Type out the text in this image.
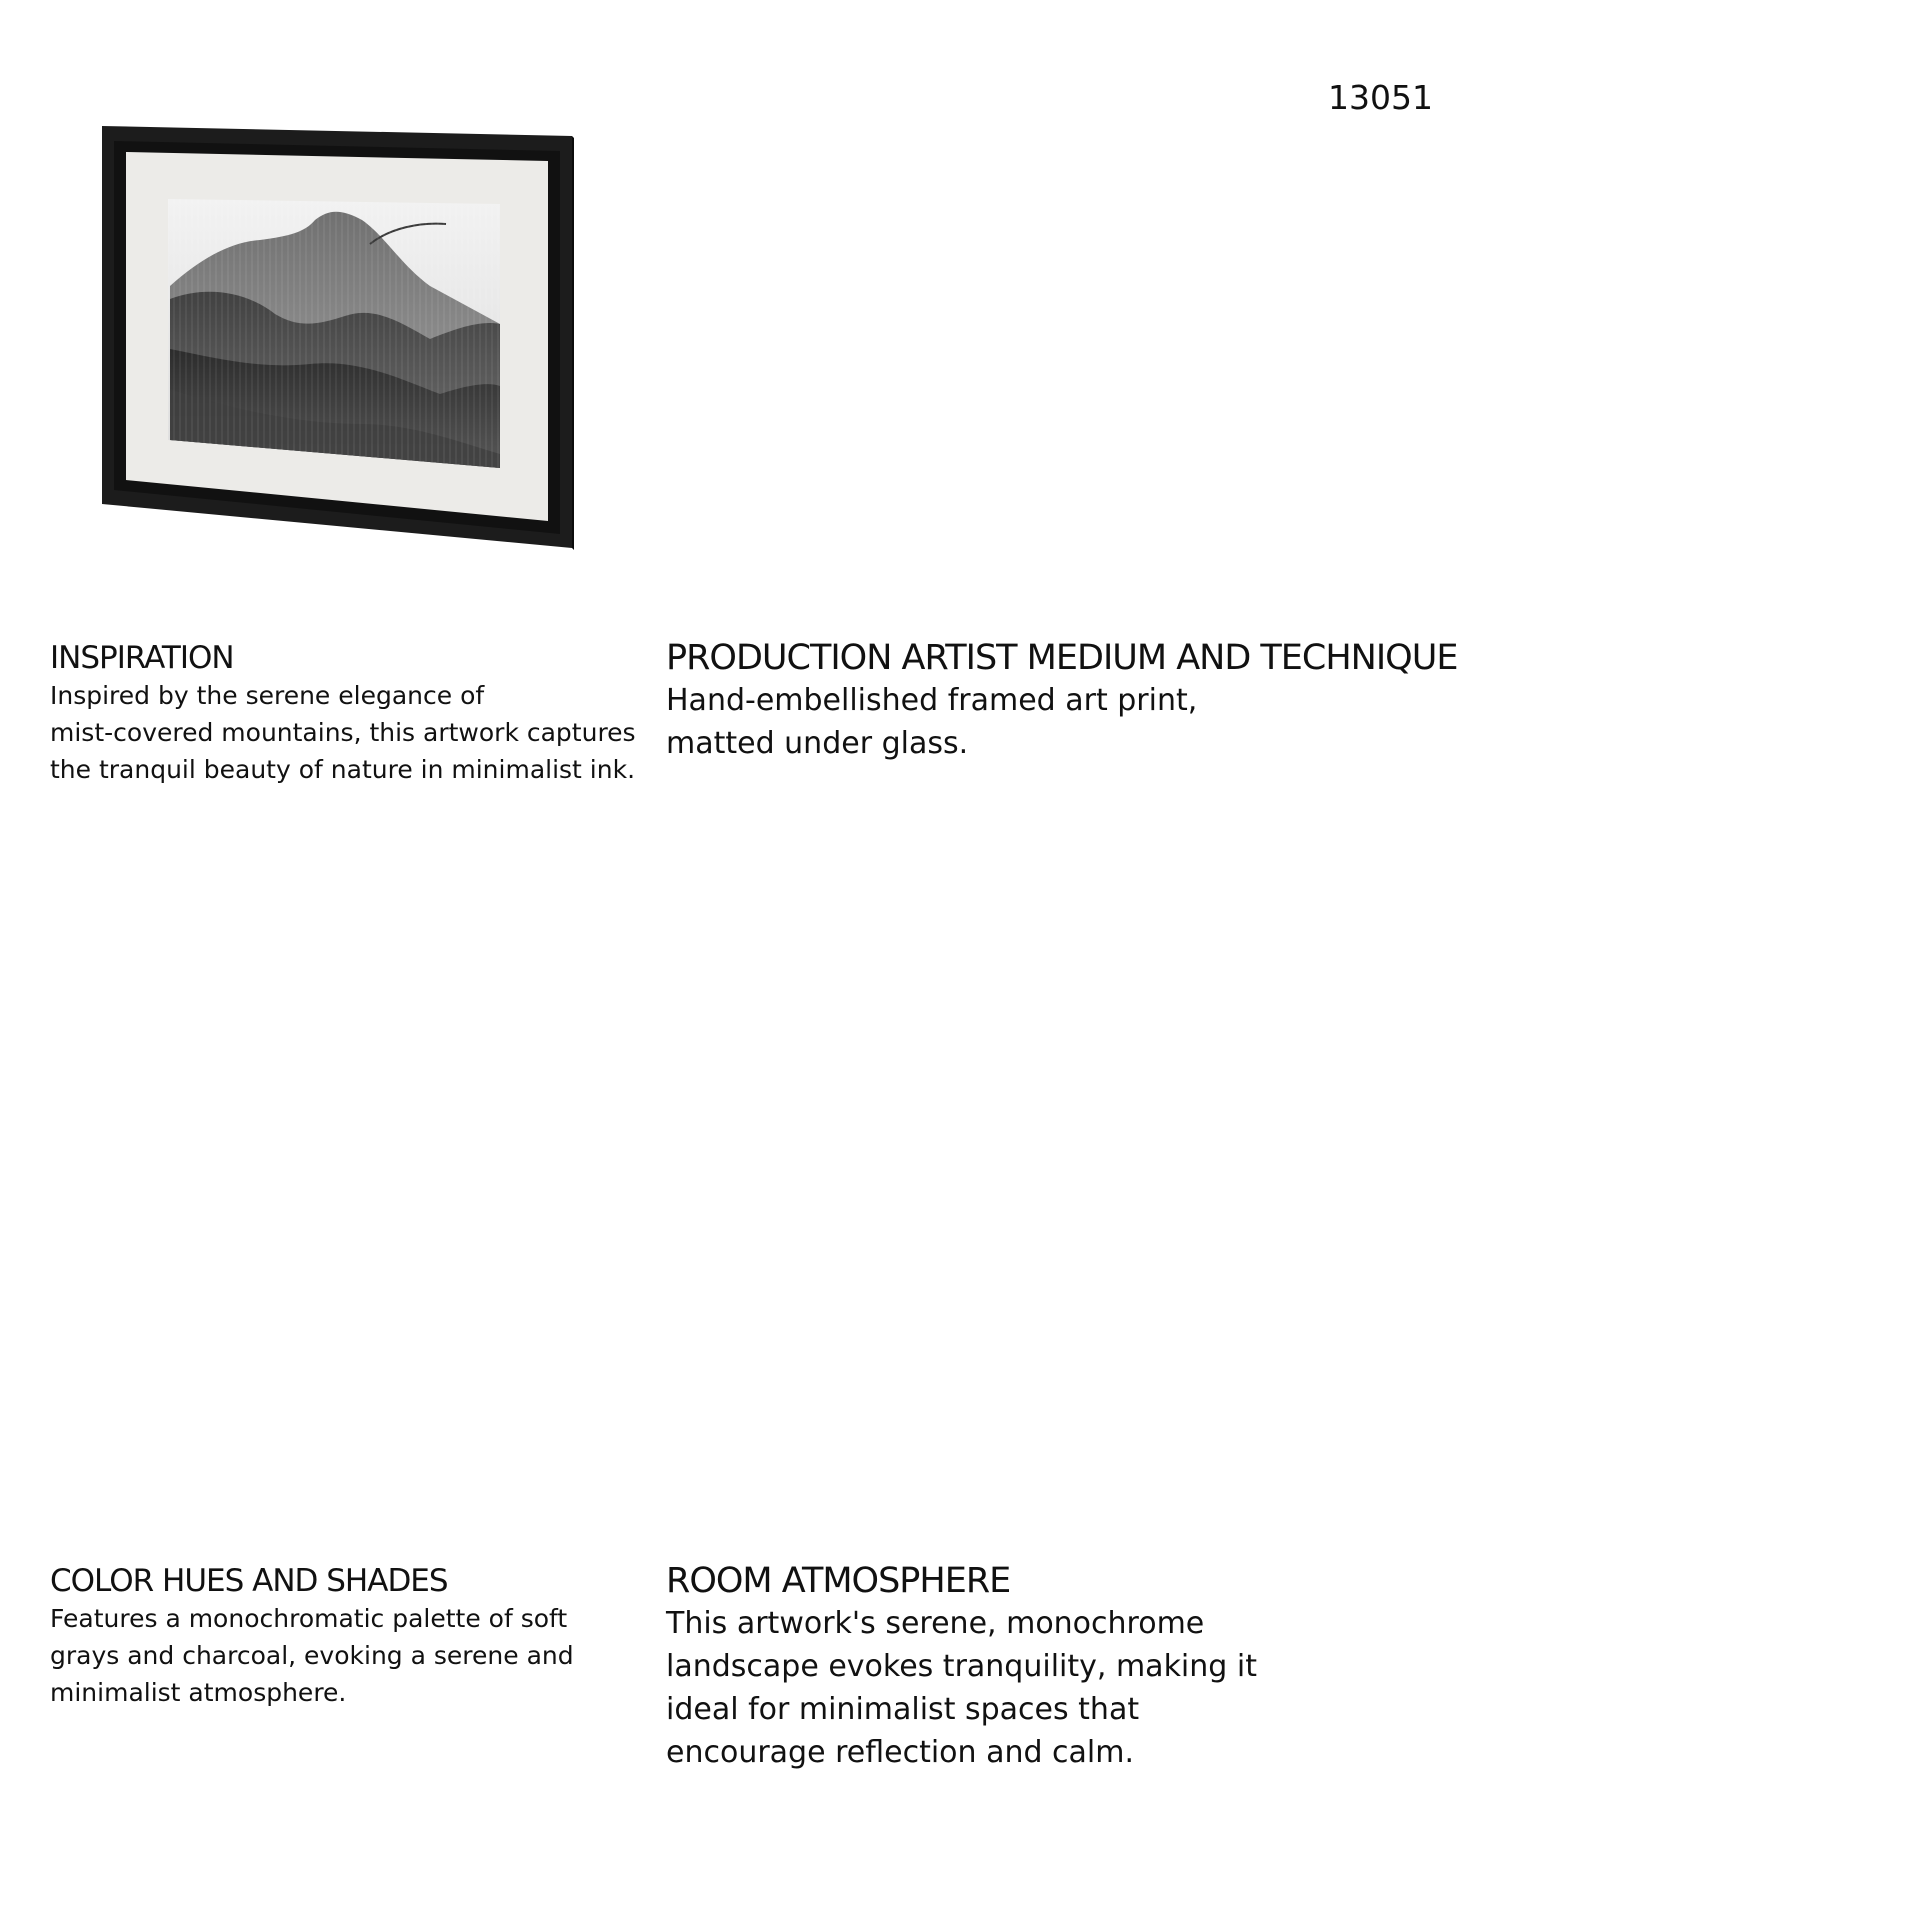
13051
INSPIRATION

Inspired by the serene elegance of
mist-covered mountains, this artwork captures
the tranquil beauty of nature in minimalist ink.

PRODUCTION ARTIST MEDIUM AND TECHNIQUE

Hand-embellished framed art print,
matted under glass.

COLOR HUES AND SHADES

Features a monochromatic palette of soft
grays and charcoal, evoking a serene and
minimalist atmosphere.

ROOM ATMOSPHERE

This artwork's serene, monochrome
landscape evokes tranquility, making it
ideal for minimalist spaces that
encourage reflection and calm.
